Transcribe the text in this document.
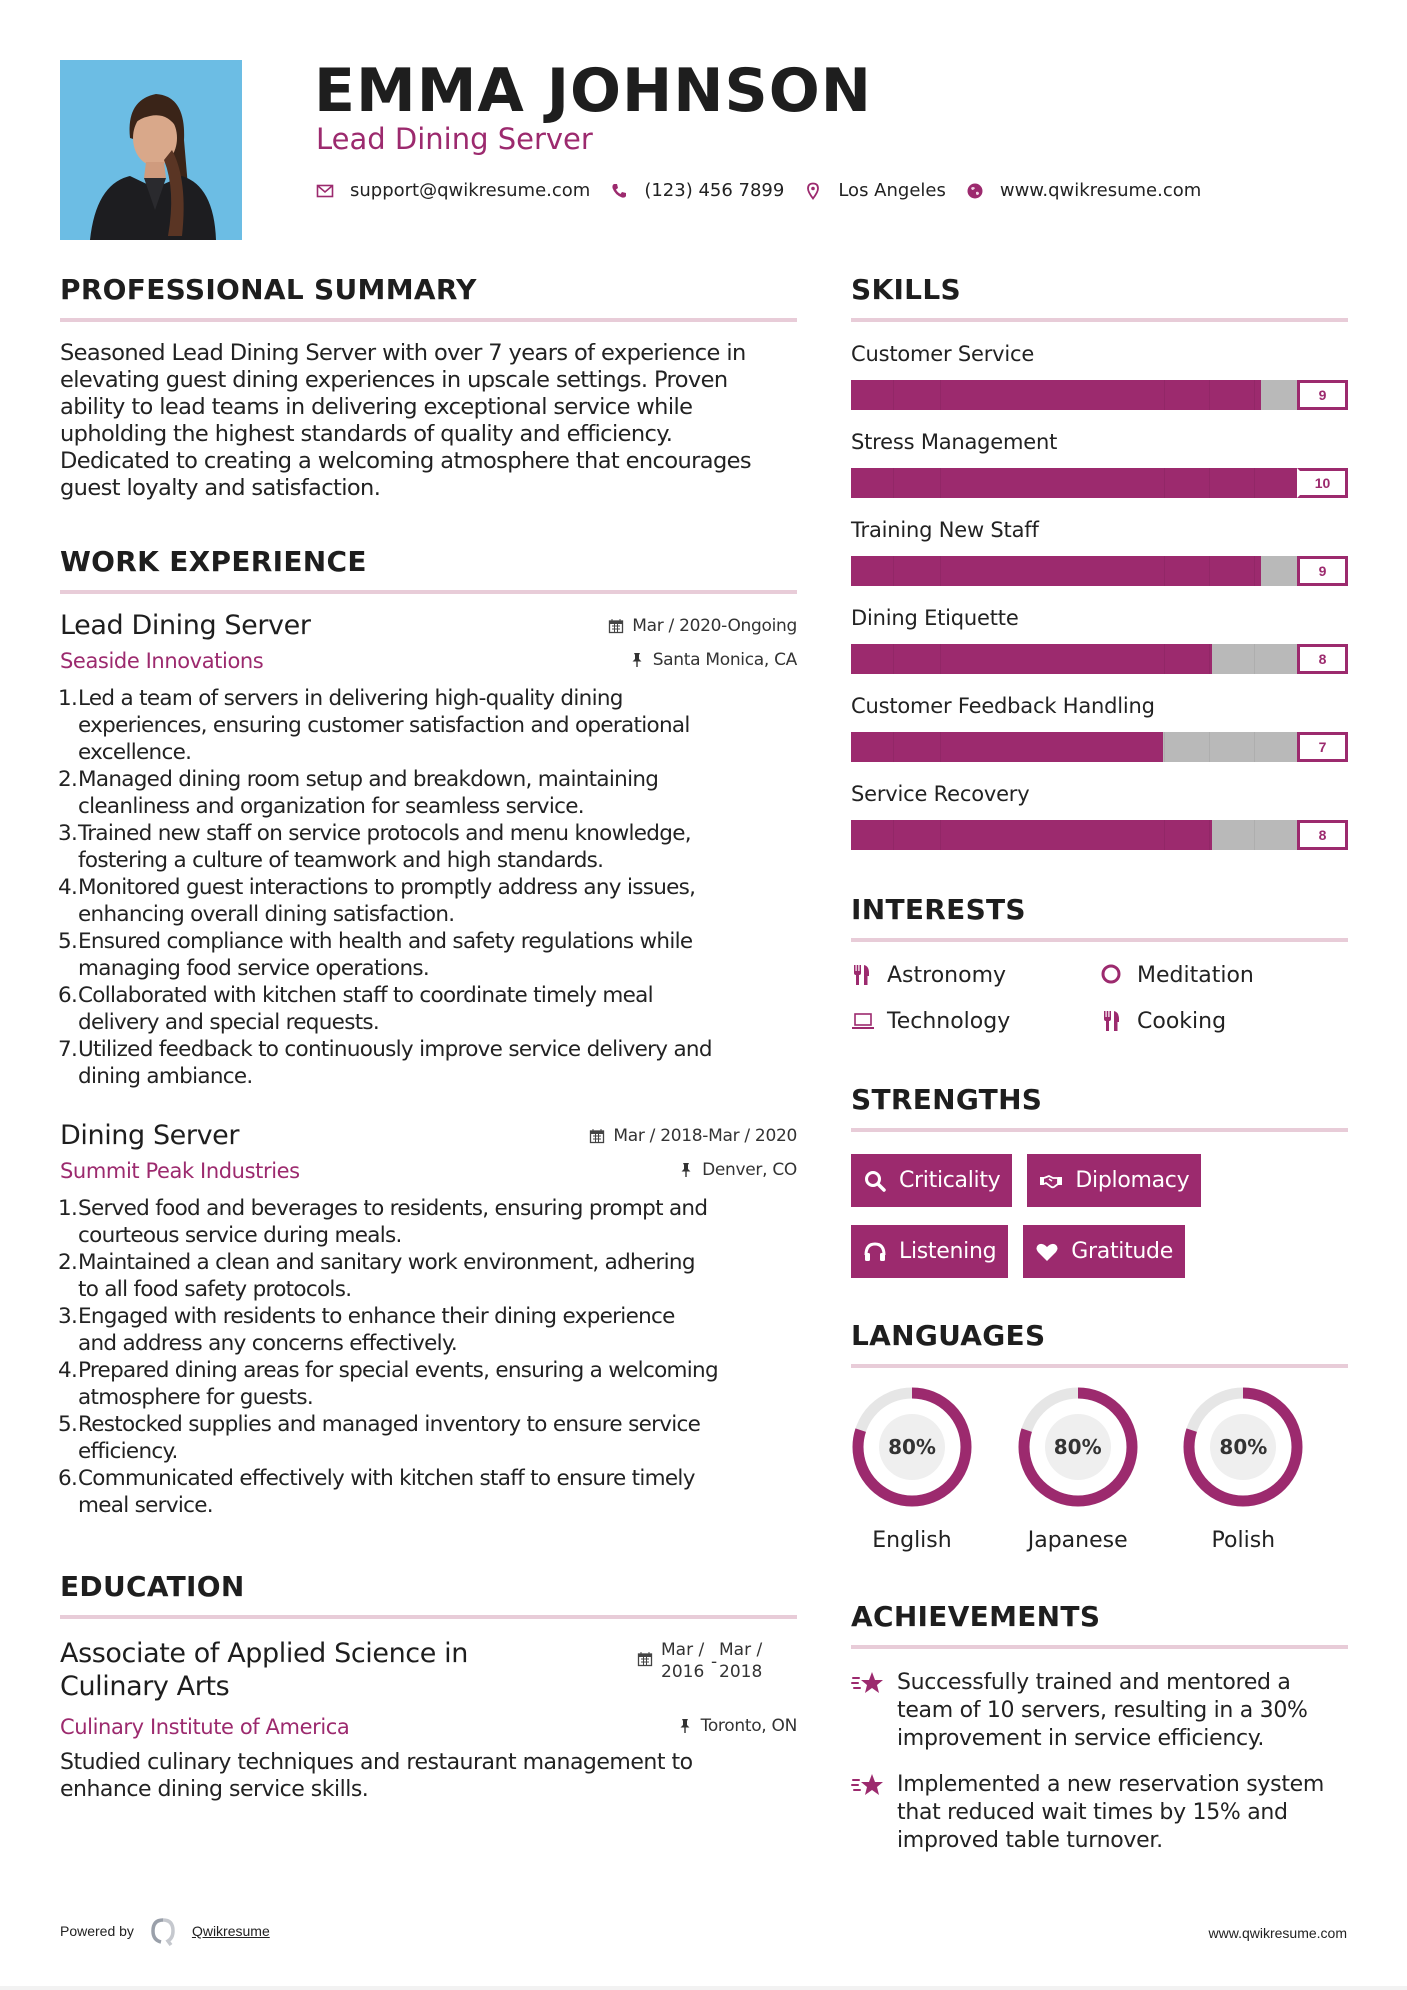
EMMA JOHNSON
Lead Dining Server
support@qwikresume.com	(123) 456 7899	Los Angeles	www.qwikresume.com
PROFESSIONAL SUMMARY
Seasoned Lead Dining Server with over 7 years of experience in
elevating guest dining experiences in upscale settings. Proven
ability to lead teams in delivering exceptional service while
upholding the highest standards of quality and efficiency.
Dedicated to creating a welcoming atmosphere that encourages
guest loyalty and satisfaction.
WORK EXPERIENCE
Lead Dining Server	Mar / 2020-Ongoing
Seaside Innovations	Santa Monica, CA
1. Led a team of servers in delivering high-quality dining
experiences, ensuring customer satisfaction and operational
excellence.
2. Managed dining room setup and breakdown, maintaining
cleanliness and organization for seamless service.
3. Trained new staff on service protocols and menu knowledge,
fostering a culture of teamwork and high standards.
4. Monitored guest interactions to promptly address any issues,
enhancing overall dining satisfaction.
5. Ensured compliance with health and safety regulations while
managing food service operations.
6. Collaborated with kitchen staff to coordinate timely meal
delivery and special requests.
7. Utilized feedback to continuously improve service delivery and
dining ambiance.
Dining Server	Mar / 2018-Mar / 2020
Summit Peak Industries	Denver, CO
1. Served food and beverages to residents, ensuring prompt and
courteous service during meals.
2. Maintained a clean and sanitary work environment, adhering
to all food safety protocols.
3. Engaged with residents to enhance their dining experience
and address any concerns effectively.
4. Prepared dining areas for special events, ensuring a welcoming
atmosphere for guests.
5. Restocked supplies and managed inventory to ensure service
efficiency.
6. Communicated effectively with kitchen staff to ensure timely
meal service.
EDUCATION
Associate of Applied Science in
Culinary Arts
Mar /
2016 -
Mar /
2018
Culinary Institute of America	Toronto, ON
Studied culinary techniques and restaurant management to
enhance dining service skills.
SKILLS
Customer Service
9
Stress Management
10
Training New Staff
9
Dining Etiquette
8
Customer Feedback Handling
7
Service Recovery
8
INTERESTS
Astronomy	Meditation
Technology	Cooking
STRENGTHS
Criticality	Diplomacy
Listening	Gratitude
LANGUAGES
80%
English
80%
Japanese
80%
Polish
ACHIEVEMENTS
Successfully trained and mentored a
team of 10 servers, resulting in a 30%
improvement in service efficiency.
Implemented a new reservation system
that reduced wait times by 15% and
improved table turnover.
Powered by	Qwikresume	www.qwikresume.com
